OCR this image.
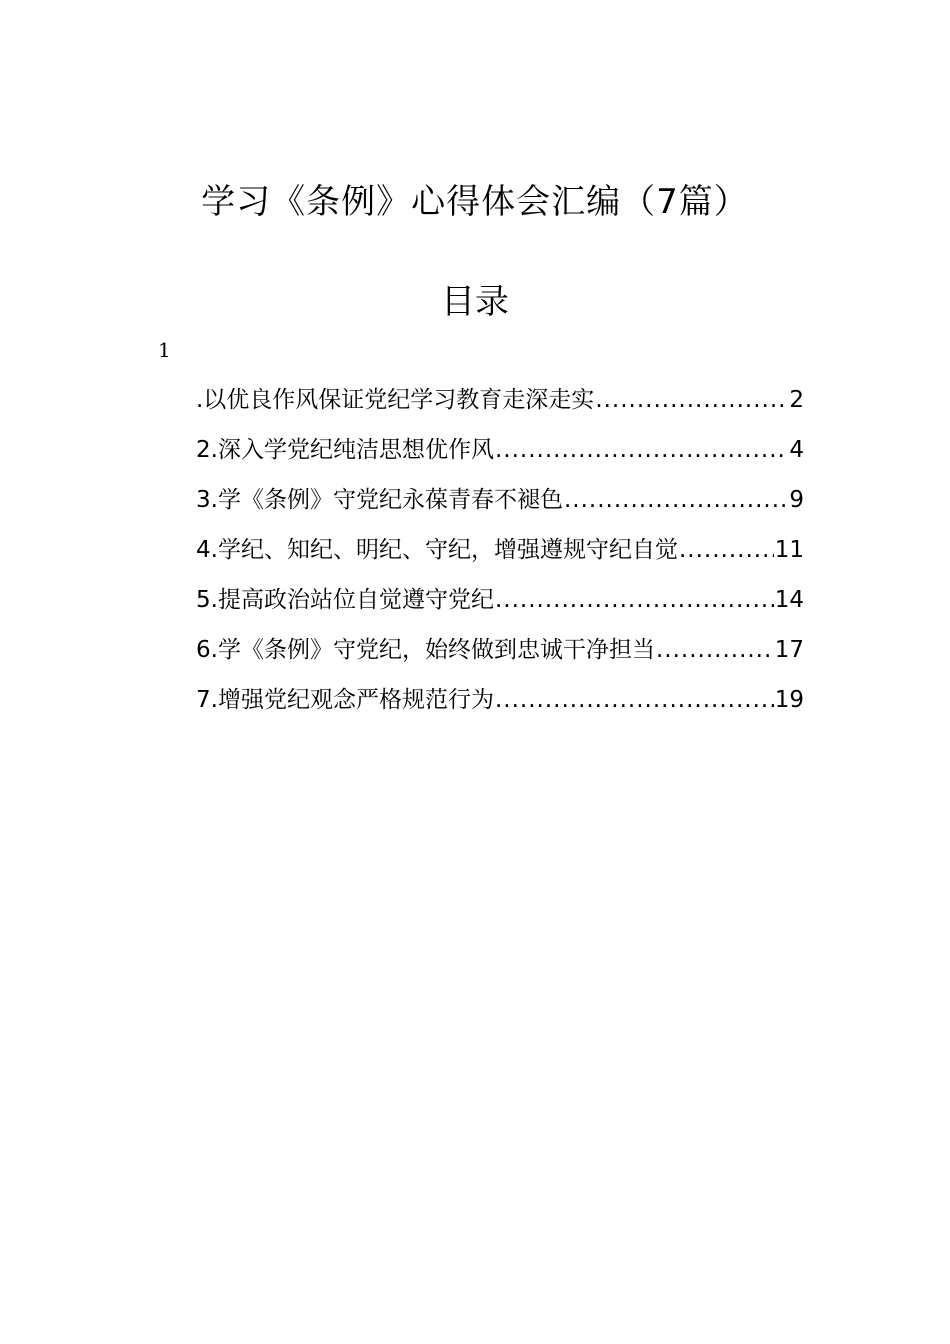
学习《条例》心得体会汇编（7篇）
目录
1
.以优良作风保证党纪学习教育走深走实 .....	2
2.深入学党纪纯洁思想优作风 .....	4
3.学《条例》守党纪永葆青春不褪色 .....	9
4.学纪、知纪、明纪、守纪，增强遵规守纪自觉 .....	11
5.提高政治站位自觉遵守党纪 .....	14
6.学《条例》守党纪，始终做到忠诚干净担当 .....	17
7.增强党纪观念严格规范行为 .....	19
